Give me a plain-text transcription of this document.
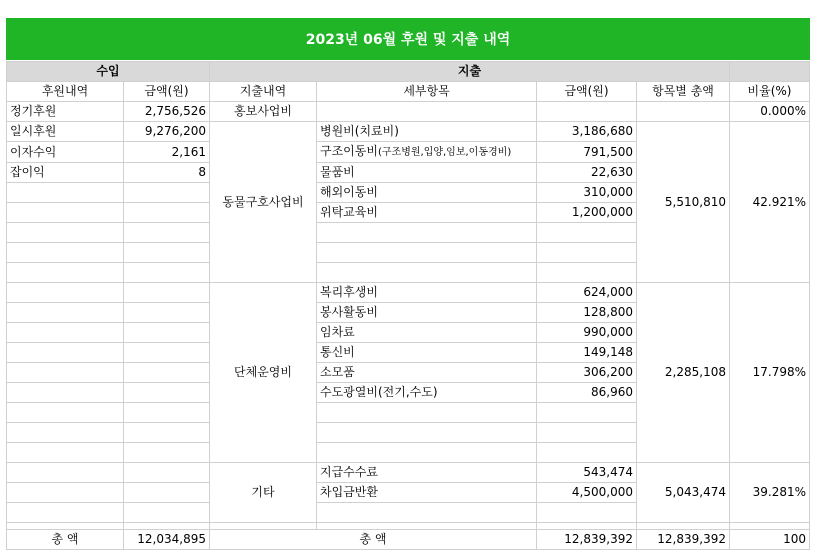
2023년 06월 후원 및 지출 내역
수입		지출				
후원내역	금액(원)	지출내역	세부항목	금액(원)	항목별 총액	비율(%)
정기후원	2,756,526	홍보사업비				0.000%
일시후원	9,276,200	동물구호사업비	병원비(치료비)	3,186,680	5,510,810	42.921%
이자수익	2,161		구조이동비(구조병원,입양,임보,이동경비)	791,500		
잡이익	8		물품비	22,630		
			해외이동비	310,000		
			위탁교육비	1,200,000		

		단체운영비	복리후생비	624,000	2,285,108	17.798%
			봉사활동비	128,800		
			임차료	990,000		
			통신비	149,148		
			소모품	306,200		
			수도광열비(전기,수도)	86,960		

		기타	지급수수료	543,474	5,043,474	39.281%
			차입금반환	4,500,000		

총 액	12,034,895	총 액		12,839,392	12,839,392	100
